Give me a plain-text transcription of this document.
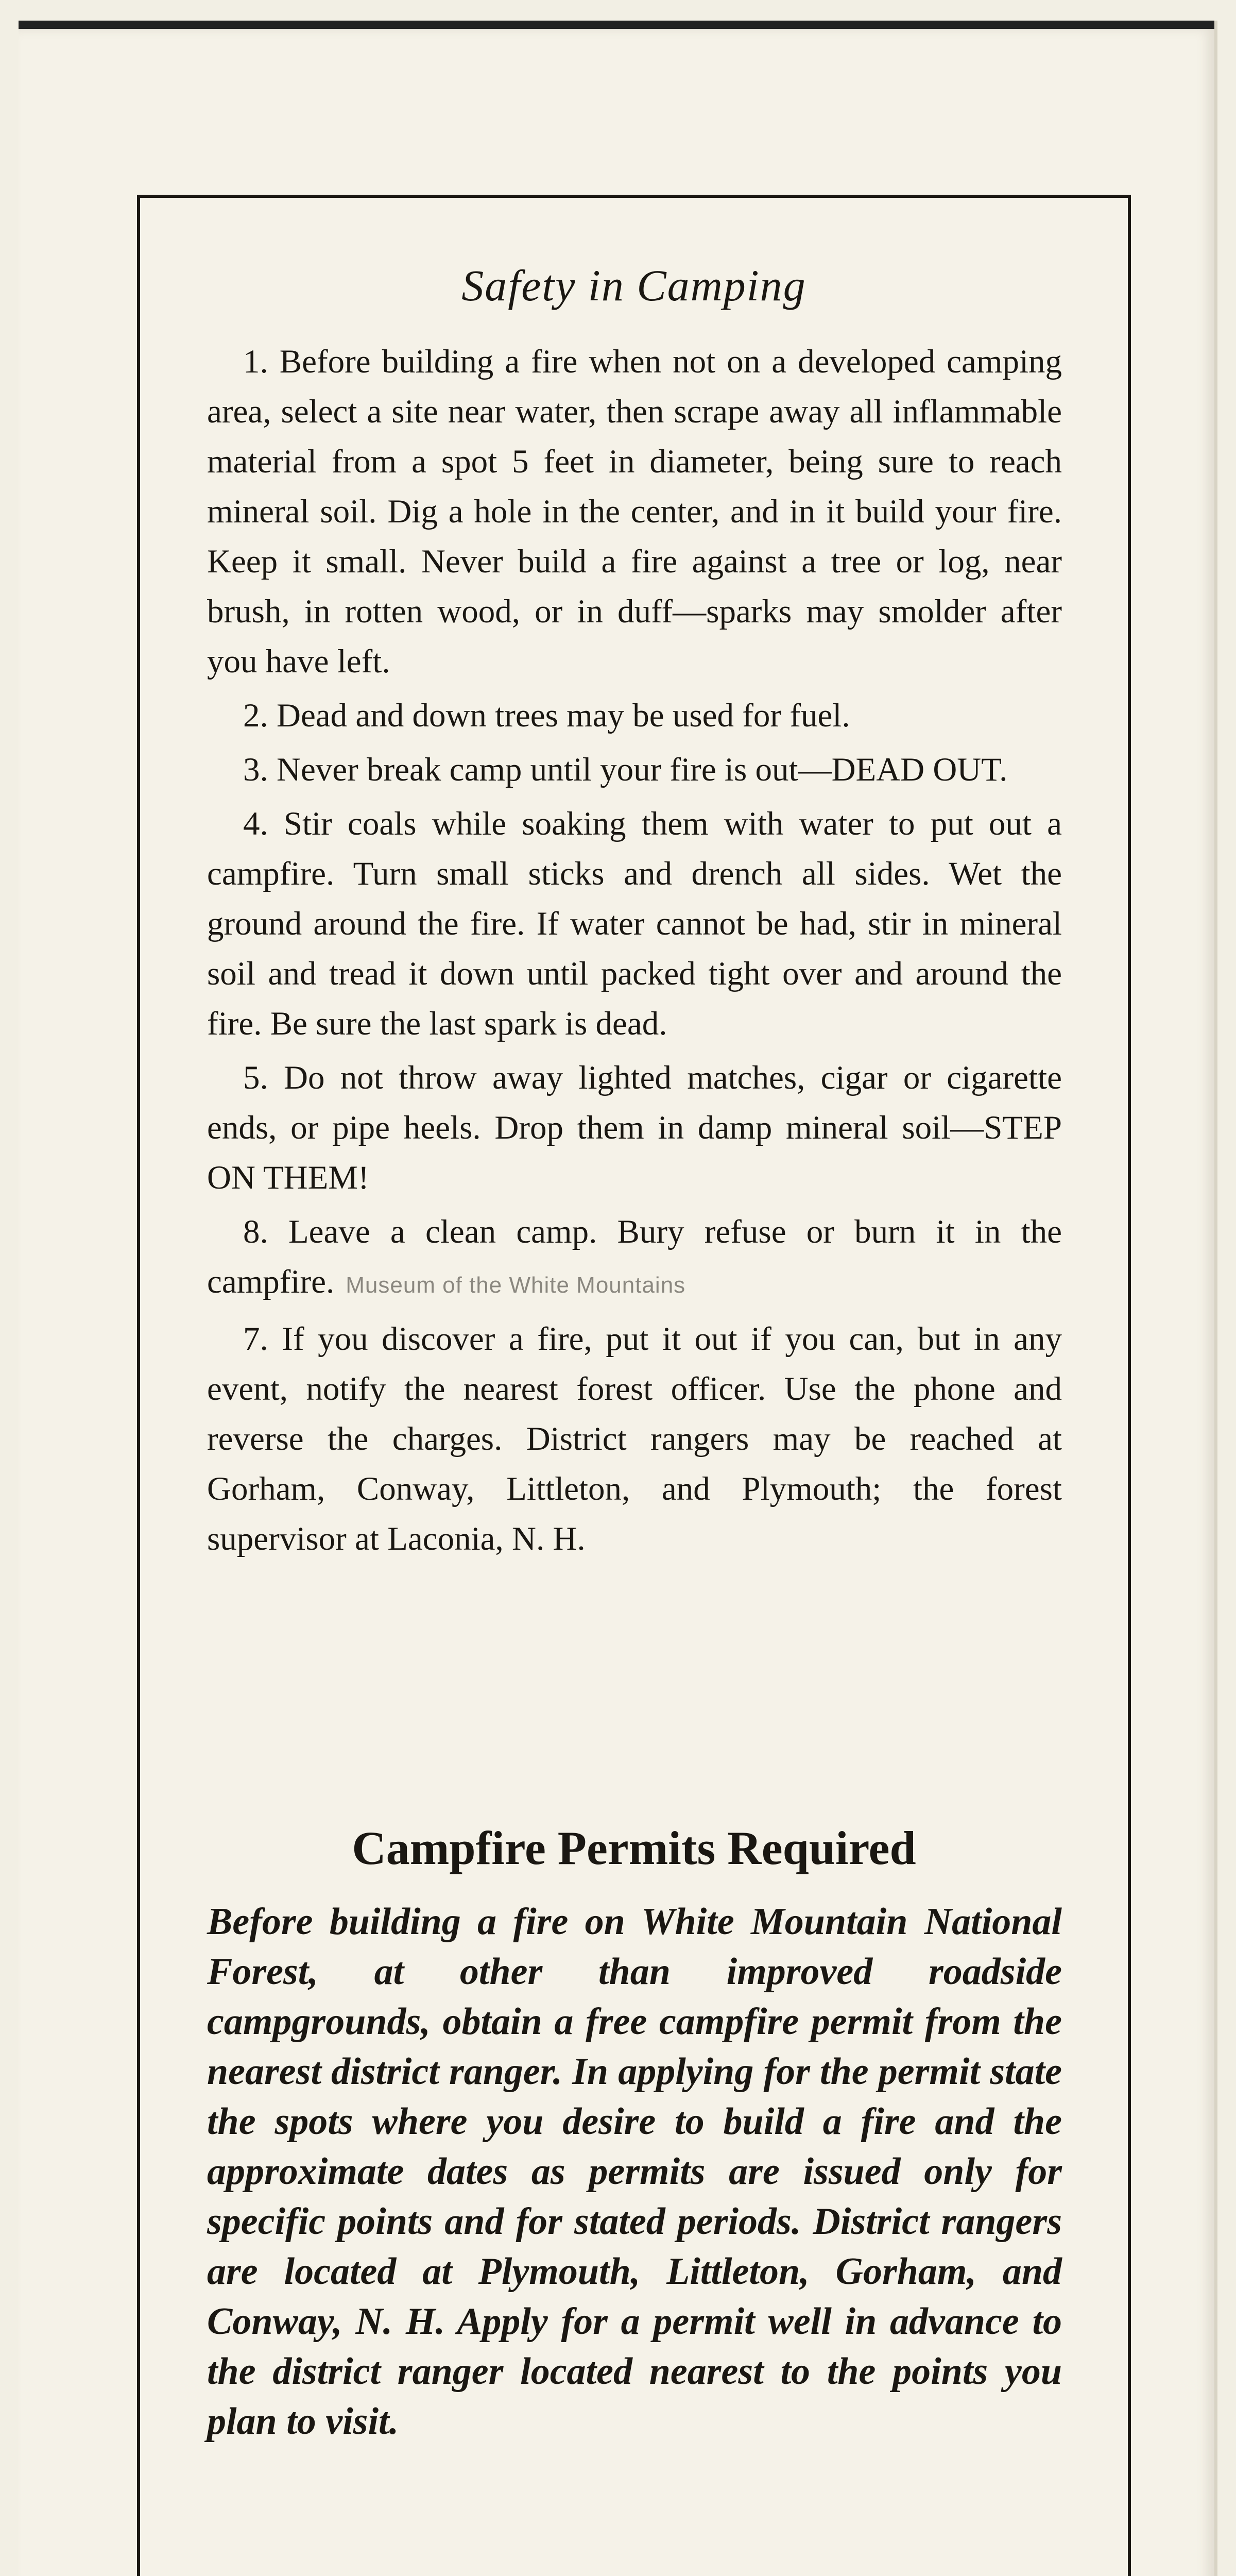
Safety in Camping

1. Before building a fire when not on a developed camping area, select a site near water, then scrape away all inflammable material from a spot 5 feet in diameter, being sure to reach mineral soil. Dig a hole in the center, and in it build your fire. Keep it small. Never build a fire against a tree or log, near brush, in rotten wood, or in duff—sparks may smolder after you have left.

2. Dead and down trees may be used for fuel.

3. Never break camp until your fire is out—DEAD OUT.

4. Stir coals while soaking them with water to put out a campfire. Turn small sticks and drench all sides. Wet the ground around the fire. If water cannot be had, stir in mineral soil and tread it down until packed tight over and around the fire. Be sure the last spark is dead.

5. Do not throw away lighted matches, cigar or cigarette ends, or pipe heels. Drop them in damp mineral soil—STEP ON THEM!

8. Leave a clean camp. Bury refuse or burn it in the campfire. Museum of the White Mountains

7. If you discover a fire, put it out if you can, but in any event, notify the nearest forest officer. Use the phone and reverse the charges. District rangers may be reached at Gorham, Conway, Littleton, and Plymouth; the forest supervisor at Laconia, N. H.

Campfire Permits Required

Before building a fire on White Mountain National Forest, at other than improved roadside campgrounds, obtain a free campfire permit from the nearest district ranger. In applying for the permit state the spots where you desire to build a fire and the approximate dates as permits are issued only for specific points and for stated periods. District rangers are located at Plymouth, Littleton, Gorham, and Conway, N. H. Apply for a permit well in advance to the district ranger located nearest to the points you plan to visit.
